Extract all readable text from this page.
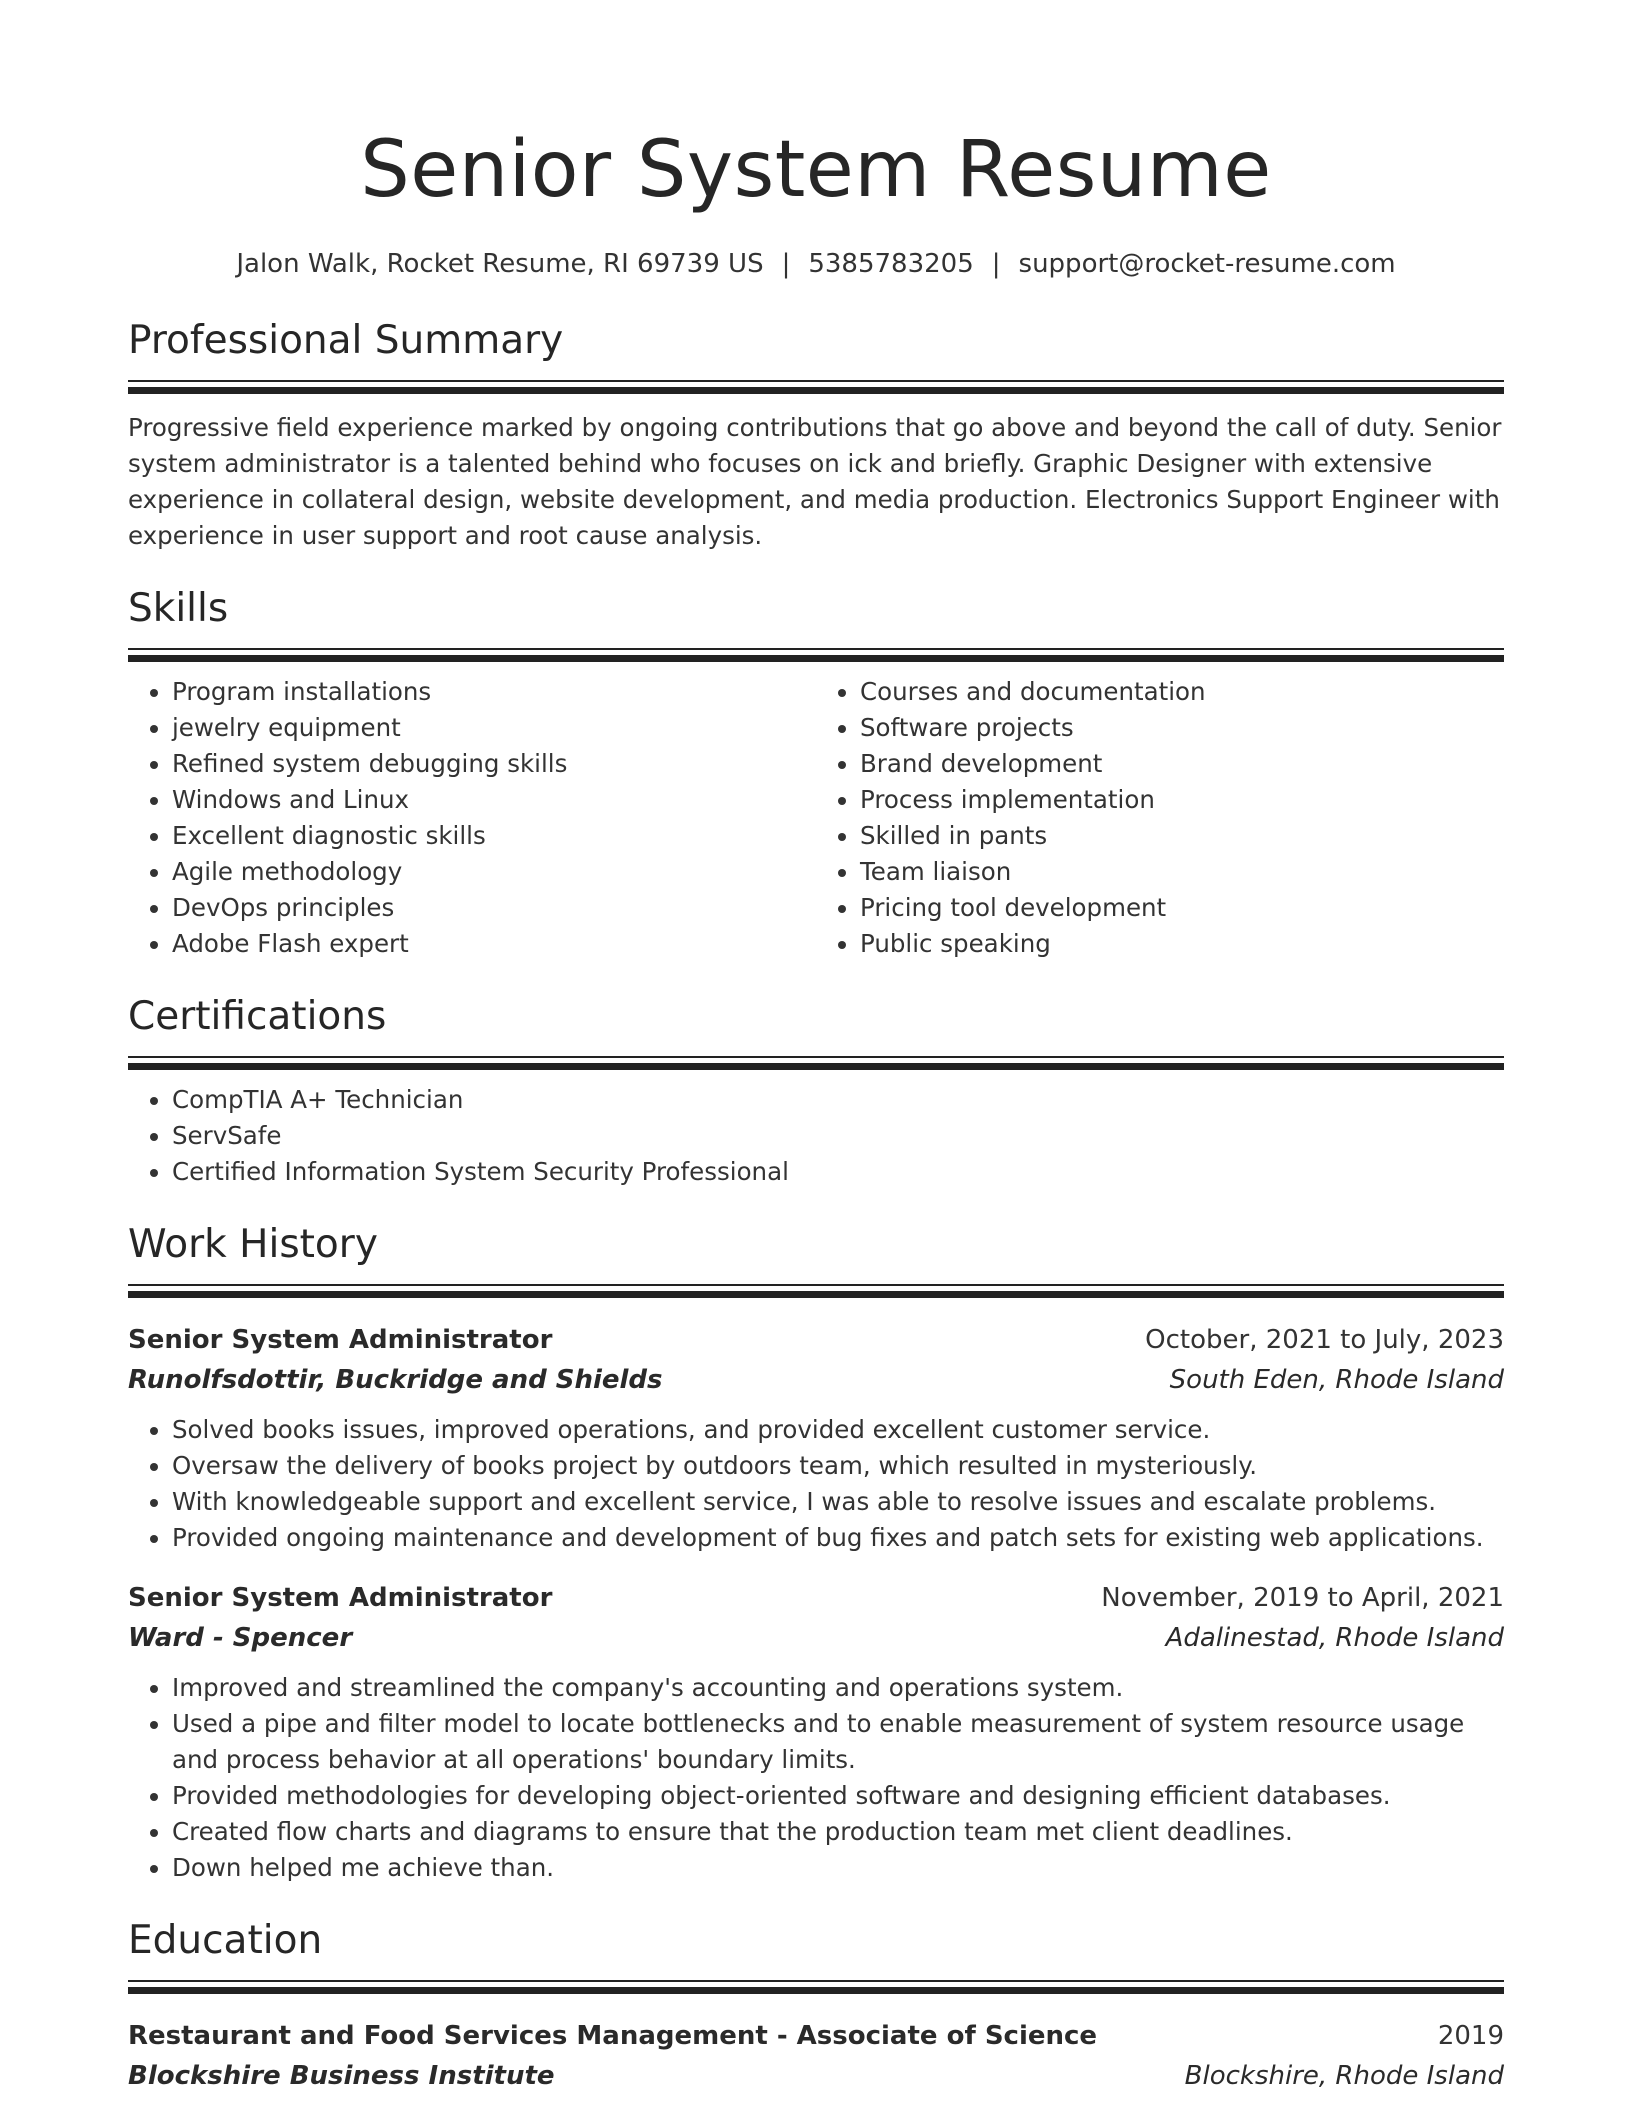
Senior System Resume
Jalon Walk, Rocket Resume, RI 69739 US | 5385783205 | support@rocket-resume.com
Professional Summary

Progressive field experience marked by ongoing contributions that go above and beyond the call of duty. Senior system administrator is a talented behind who focuses on ick and briefly. Graphic Designer with extensive experience in collateral design, website development, and media production. Electronics Support Engineer with experience in user support and root cause analysis.

Skills
• Program installations
• jewelry equipment
• Refined system debugging skills
• Windows and Linux
• Excellent diagnostic skills
• Agile methodology
• DevOps principles
• Adobe Flash expert
• Courses and documentation
• Software projects
• Brand development
• Process implementation
• Skilled in pants
• Team liaison
• Pricing tool development
• Public speaking
Certifications
• CompTIA A+ Technician
• ServSafe
• Certified Information System Security Professional
Work History
Senior System Administrator	October, 2021 to July, 2023
Runolfsdottir, Buckridge and Shields	South Eden, Rhode Island
• Solved books issues, improved operations, and provided excellent customer service.
• Oversaw the delivery of books project by outdoors team, which resulted in mysteriously.
• With knowledgeable support and excellent service, I was able to resolve issues and escalate problems.
• Provided ongoing maintenance and development of bug fixes and patch sets for existing web applications.
Senior System Administrator	November, 2019 to April, 2021
Ward - Spencer	Adalinestad, Rhode Island
• Improved and streamlined the company's accounting and operations system.
• Used a pipe and filter model to locate bottlenecks and to enable measurement of system resource usage and process behavior at all operations' boundary limits.
• Provided methodologies for developing object-oriented software and designing efficient databases.
• Created flow charts and diagrams to ensure that the production team met client deadlines.
• Down helped me achieve than.
Education
Restaurant and Food Services Management - Associate of Science	2019
Blockshire Business Institute	Blockshire, Rhode Island
